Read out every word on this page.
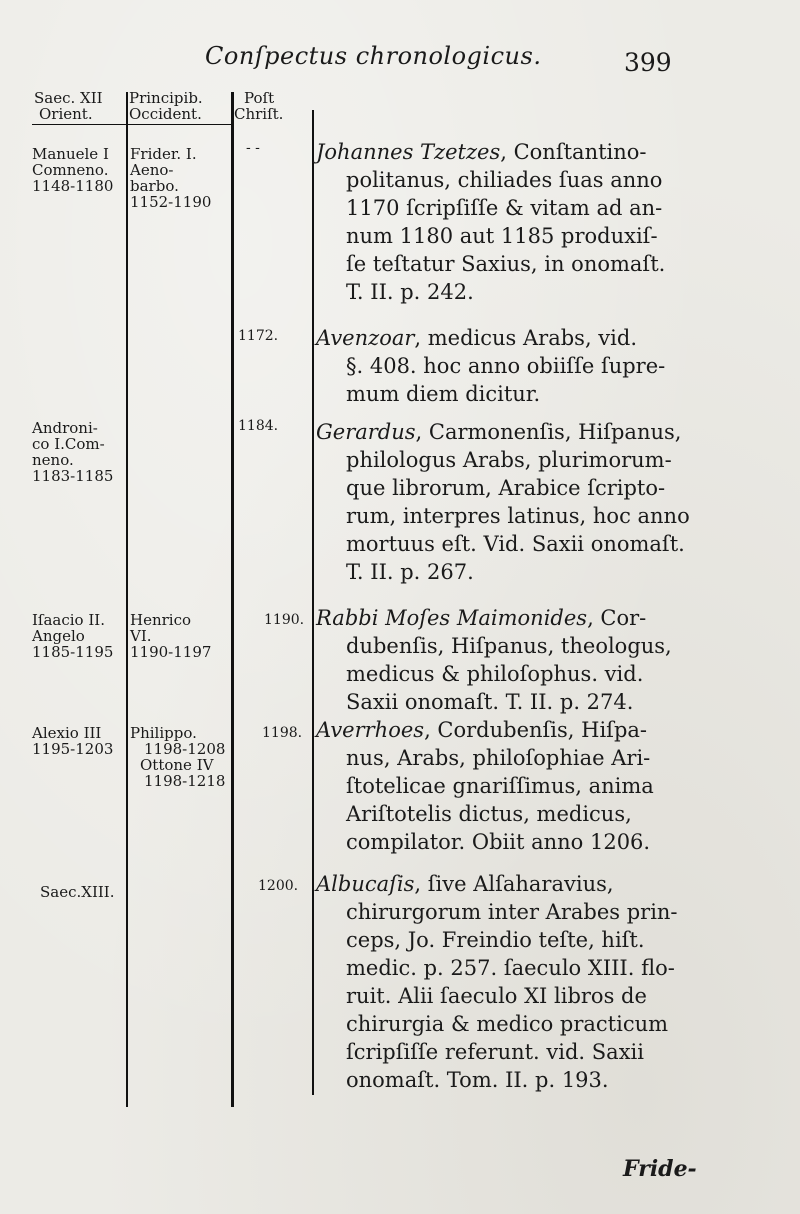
Conſpectus chronologicus.	399
Saec. XII
Orient.
Principib.
Occident.
Poſt
Chriſt.
Manuele I
Comneno.
1148-1180
Androni-
co I.Com-
neno.
1183-1185
Iſaacio II.
Angelo
1185-1195
Alexio III
1195-1203
Saec.XIII.
Frider. I.
Aeno-
barbo.
1152-1190
Henrico
VI.
1190-1197
Philippo.
1198-1208
Ottone IV
1198-1218
- -
1172.
1184.
1190.
1198.
1200.
Johannes Tzetzes, Conſtantino-
politanus, chiliades ſuas anno
1170 ſcripſiſſe & vitam ad an-
num 1180 aut 1185 produxiſ-
ſe teſtatur Saxius, in onomaſt.
T. II. p. 242.
Avenzoar, medicus Arabs, vid.
§. 408. hoc anno obiiſſe ſupre-
mum diem dicitur.
Gerardus, Carmonenſis, Hiſpanus,
philologus Arabs, plurimorum-
que librorum, Arabice ſcripto-
rum, interpres latinus, hoc anno
mortuus eſt. Vid. Saxii onomaſt.
T. II. p. 267.
Rabbi Moſes Maimonides, Cor-
dubenſis, Hiſpanus, theologus,
medicus & philoſophus. vid.
Saxii onomaſt. T. II. p. 274.
Averrhoes, Cordubenſis, Hiſpa-
nus, Arabs, philoſophiae Ari-
ſtotelicae gnariſſimus, anima
Ariſtotelis dictus, medicus,
compilator. Obiit anno 1206.
Albucaſis, ſive Alſaharavius,
chirurgorum inter Arabes prin-
ceps, Jo. Freindio teſte, hiſt.
medic. p. 257. ſaeculo XIII. flo-
ruit. Alii ſaeculo XI libros de
chirurgia & medico practicum
ſcripſiſſe referunt. vid. Saxii
onomaſt. Tom. II. p. 193.
Fride-
